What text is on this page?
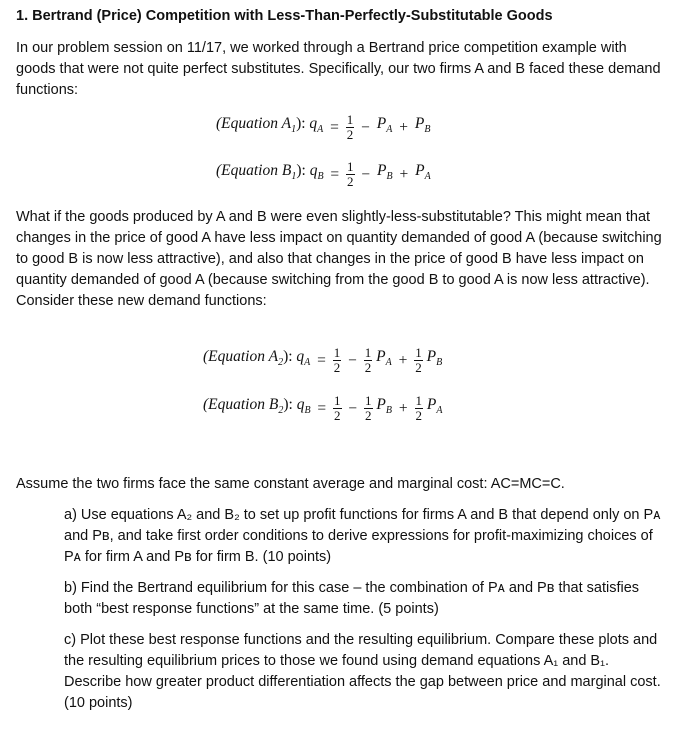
1. Bertrand (Price) Competition with Less-Than-Perfectly-Substitutable Goods

In our problem session on 11/17, we worked through a Bertrand price competition example with goods that were not quite perfect substitutes. Specifically, our two firms A and B faced these demand functions:

(Equation $A_1$): $q_A = \frac{1}{2} - P_A + P_B$
(Equation $B_1$): $q_B = \frac{1}{2} - P_B + P_A$

What if the goods produced by A and B were even slightly-less-substitutable? This might mean that changes in the price of good A have less impact on quantity demanded of good A (because switching to good B is now less attractive), and also that changes in the price of good B have less impact on quantity demanded of good A (because switching from the good B to good A is now less attractive). Consider these new demand functions:

(Equation $A_2$): $q_A = \frac{1}{2} - \frac{1}{2} P_A + \frac{1}{2} P_B$
(Equation $B_2$): $q_B = \frac{1}{2} - \frac{1}{2} P_B + \frac{1}{2} P_A$

Assume the two firms face the same constant average and marginal cost: AC=MC=C.

a) Use equations A₂ and B₂ to set up profit functions for firms A and B that depend only on Pᴀ and Pʙ, and take first order conditions to derive expressions for profit-maximizing choices of Pᴀ for firm A and Pʙ for firm B. (10 points)

b) Find the Bertrand equilibrium for this case – the combination of Pᴀ and Pʙ that satisfies both “best response functions” at the same time. (5 points)

c) Plot these best response functions and the resulting equilibrium. Compare these plots and the resulting equilibrium prices to those we found using demand equations A₁ and B₁. Describe how greater product differentiation affects the gap between price and marginal cost. (10 points)
